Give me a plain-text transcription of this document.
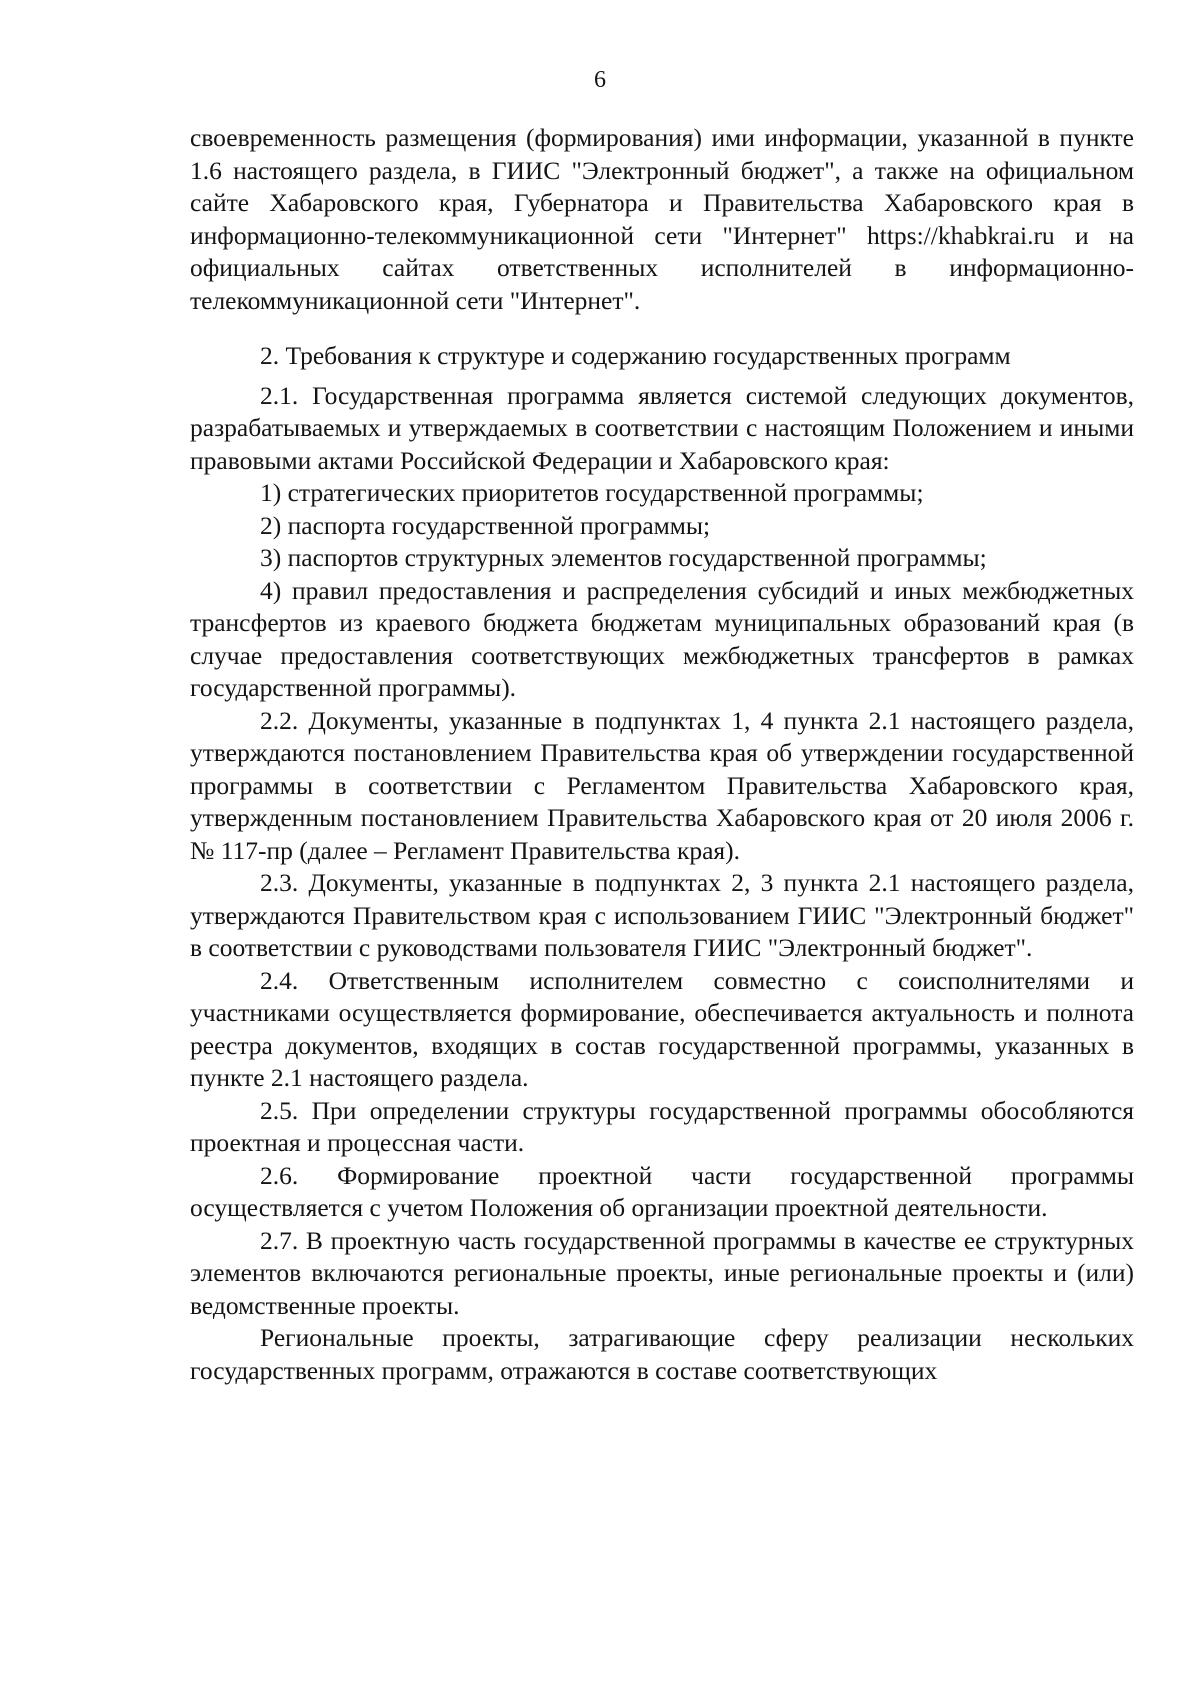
6

своевременность размещения (формирования) ими информации, указанной в пункте 1.6 настоящего раздела, в ГИИС "Электронный бюджет", а также на официальном сайте Хабаровского края, Губернатора и Правительства Хабаровского края в информационно-телекоммуникационной сети "Интернет" https://khabkrai.ru и на официальных сайтах ответственных исполнителей в информационно-телекоммуникационной сети "Интернет".

2. Требования к структуре и содержанию государственных программ

2.1. Государственная программа является системой следующих документов, разрабатываемых и утверждаемых в соответствии с настоящим Положением и иными правовыми актами Российской Федерации и Хабаровского края:

1) стратегических приоритетов государственной программы;

2) паспорта государственной программы;

3) паспортов структурных элементов государственной программы;

4) правил предоставления и распределения субсидий и иных межбюджетных трансфертов из краевого бюджета бюджетам муниципальных образований края (в случае предоставления соответствующих межбюджетных трансфертов в рамках государственной программы).

2.2. Документы, указанные в подпунктах 1, 4 пункта 2.1 настоящего раздела, утверждаются постановлением Правительства края об утверждении государственной программы в соответствии с Регламентом Правительства Хабаровского края, утвержденным постановлением Правительства Хабаровского края от 20 июля 2006 г. № 117-пр (далее – Регламент Правительства края).

2.3. Документы, указанные в подпунктах 2, 3 пункта 2.1 настоящего раздела, утверждаются Правительством края с использованием ГИИС "Электронный бюджет" в соответствии с руководствами пользователя ГИИС "Электронный бюджет".

2.4. Ответственным исполнителем совместно с соисполнителями и участниками осуществляется формирование, обеспечивается актуальность и полнота реестра документов, входящих в состав государственной программы, указанных в пункте 2.1 настоящего раздела.

2.5. При определении структуры государственной программы обособляются проектная и процессная части.

2.6. Формирование проектной части государственной программы осуществляется с учетом Положения об организации проектной деятельности.

2.7. В проектную часть государственной программы в качестве ее структурных элементов включаются региональные проекты, иные региональные проекты и (или) ведомственные проекты.

Региональные проекты, затрагивающие сферу реализации нескольких государственных программ, отражаются в составе соответствующих
